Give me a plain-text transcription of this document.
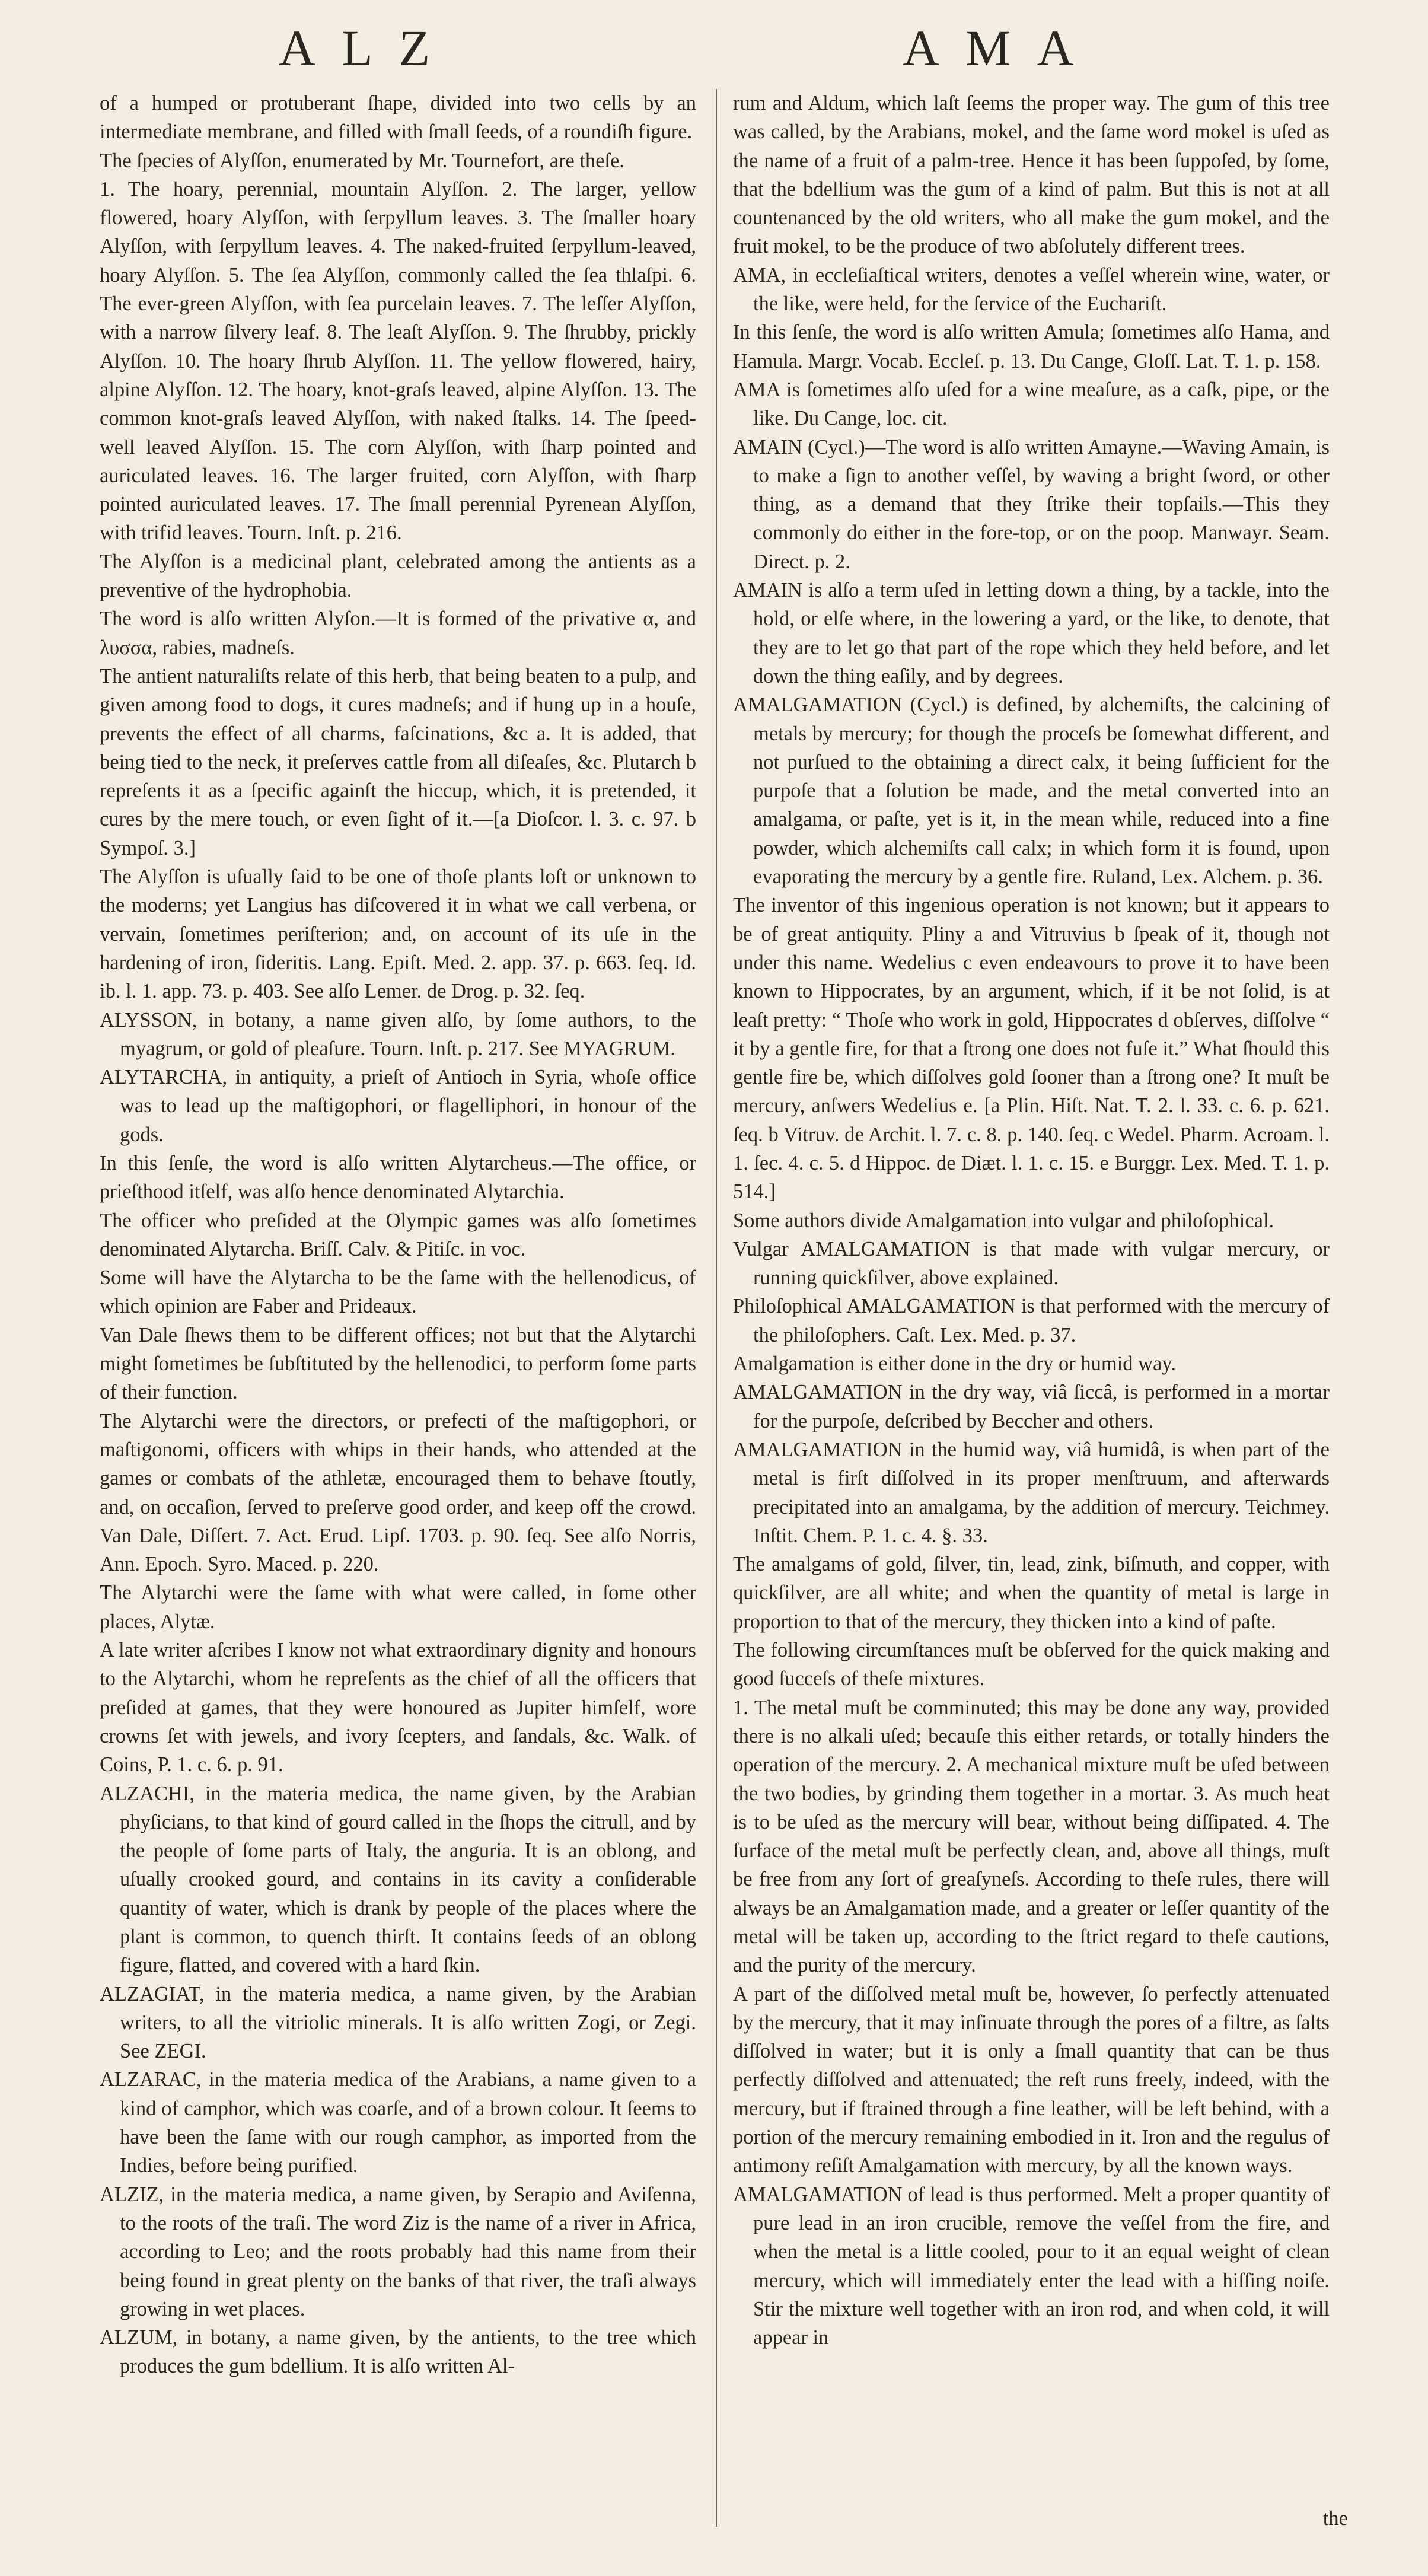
ALZ	AMA

of a humped or protuberant ſhape, divided into two cells by an intermediate membrane, and filled with ſmall ſeeds, of a roundiſh figure.

The ſpecies of Alyſſon, enumerated by Mr. Tournefort, are theſe.

1. The hoary, perennial, mountain Alyſſon. 2. The larger, yellow flowered, hoary Alyſſon, with ſerpyllum leaves. 3. The ſmaller hoary Alyſſon, with ſerpyllum leaves. 4. The naked-fruited ſerpyllum-leaved, hoary Alyſſon. 5. The ſea Alyſſon, commonly called the ſea thlaſpi. 6. The ever-green Alyſſon, with ſea purcelain leaves. 7. The leſſer Alyſſon, with a narrow ſilvery leaf. 8. The leaſt Alyſſon. 9. The ſhrubby, prickly Alyſſon. 10. The hoary ſhrub Alyſſon. 11. The yellow flowered, hairy, alpine Alyſſon. 12. The hoary, knot-graſs leaved, alpine Alyſſon. 13. The common knot-graſs leaved Alyſſon, with naked ſtalks. 14. The ſpeed-well leaved Alyſſon. 15. The corn Alyſſon, with ſharp pointed and auriculated leaves. 16. The larger fruited, corn Alyſſon, with ſharp pointed auriculated leaves. 17. The ſmall perennial Pyrenean Alyſſon, with trifid leaves. Tourn. Inſt. p. 216.

The Alyſſon is a medicinal plant, celebrated among the antients as a preventive of the hydrophobia.

The word is alſo written Alyſon.—It is formed of the privative α, and λυσσα, rabies, madneſs.

The antient naturaliſts relate of this herb, that being beaten to a pulp, and given among food to dogs, it cures madneſs; and if hung up in a houſe, prevents the effect of all charms, faſcinations, &c a. It is added, that being tied to the neck, it preſerves cattle from all diſeaſes, &c. Plutarch b repreſents it as a ſpecific againſt the hiccup, which, it is pretended, it cures by the mere touch, or even ſight of it.—[a Dioſcor. l. 3. c. 97. b Sympoſ. 3.]

The Alyſſon is uſually ſaid to be one of thoſe plants loſt or unknown to the moderns; yet Langius has diſcovered it in what we call verbena, or vervain, ſometimes periſterion; and, on account of its uſe in the hardening of iron, ſideritis. Lang. Epiſt. Med. 2. app. 37. p. 663. ſeq. Id. ib. l. 1. app. 73. p. 403. See alſo Lemer. de Drog. p. 32. ſeq.

ALYSSON, in botany, a name given alſo, by ſome authors, to the myagrum, or gold of pleaſure. Tourn. Inſt. p. 217. See MYAGRUM.

ALYTARCHA, in antiquity, a prieſt of Antioch in Syria, whoſe office was to lead up the maſtigophori, or flagelliphori, in honour of the gods.

In this ſenſe, the word is alſo written Alytarcheus.—The office, or prieſthood itſelf, was alſo hence denominated Alytarchia.

The officer who preſided at the Olympic games was alſo ſometimes denominated Alytarcha. Briſſ. Calv. & Pitiſc. in voc.

Some will have the Alytarcha to be the ſame with the hellenodicus, of which opinion are Faber and Prideaux.

Van Dale ſhews them to be different offices; not but that the Alytarchi might ſometimes be ſubſtituted by the hellenodici, to perform ſome parts of their function.

The Alytarchi were the directors, or prefecti of the maſtigophori, or maſtigonomi, officers with whips in their hands, who attended at the games or combats of the athletæ, encouraged them to behave ſtoutly, and, on occaſion, ſerved to preſerve good order, and keep off the crowd. Van Dale, Diſſert. 7. Act. Erud. Lipſ. 1703. p. 90. ſeq. See alſo Norris, Ann. Epoch. Syro. Maced. p. 220.

The Alytarchi were the ſame with what were called, in ſome other places, Alytæ.

A late writer aſcribes I know not what extraordinary dignity and honours to the Alytarchi, whom he repreſents as the chief of all the officers that preſided at games, that they were honoured as Jupiter himſelf, wore crowns ſet with jewels, and ivory ſcepters, and ſandals, &c. Walk. of Coins, P. 1. c. 6. p. 91.

ALZACHI, in the materia medica, the name given, by the Arabian phyſicians, to that kind of gourd called in the ſhops the citrull, and by the people of ſome parts of Italy, the anguria. It is an oblong, and uſually crooked gourd, and contains in its cavity a conſiderable quantity of water, which is drank by people of the places where the plant is common, to quench thirſt. It contains ſeeds of an oblong figure, flatted, and covered with a hard ſkin.

ALZAGIAT, in the materia medica, a name given, by the Arabian writers, to all the vitriolic minerals. It is alſo written Zogi, or Zegi. See ZEGI.

ALZARAC, in the materia medica of the Arabians, a name given to a kind of camphor, which was coarſe, and of a brown colour. It ſeems to have been the ſame with our rough camphor, as imported from the Indies, before being purified.

ALZIZ, in the materia medica, a name given, by Serapio and Aviſenna, to the roots of the traſi. The word Ziz is the name of a river in Africa, according to Leo; and the roots probably had this name from their being found in great plenty on the banks of that river, the traſi always growing in wet places.

ALZUM, in botany, a name given, by the antients, to the tree which produces the gum bdellium. It is alſo written Al-

rum and Aldum, which laſt ſeems the proper way. The gum of this tree was called, by the Arabians, mokel, and the ſame word mokel is uſed as the name of a fruit of a palm-tree. Hence it has been ſuppoſed, by ſome, that the bdellium was the gum of a kind of palm. But this is not at all countenanced by the old writers, who all make the gum mokel, and the fruit mokel, to be the produce of two abſolutely different trees.

AMA, in eccleſiaſtical writers, denotes a veſſel wherein wine, water, or the like, were held, for the ſervice of the Euchariſt.

In this ſenſe, the word is alſo written Amula; ſometimes alſo Hama, and Hamula. Margr. Vocab. Eccleſ. p. 13. Du Cange, Gloſſ. Lat. T. 1. p. 158.

AMA is ſometimes alſo uſed for a wine meaſure, as a caſk, pipe, or the like. Du Cange, loc. cit.

AMAIN (Cycl.)—The word is alſo written Amayne.—Waving Amain, is to make a ſign to another veſſel, by waving a bright ſword, or other thing, as a demand that they ſtrike their topſails.—This they commonly do either in the fore-top, or on the poop. Manwayr. Seam. Direct. p. 2.

AMAIN is alſo a term uſed in letting down a thing, by a tackle, into the hold, or elſe where, in the lowering a yard, or the like, to denote, that they are to let go that part of the rope which they held before, and let down the thing eaſily, and by degrees.

AMALGAMATION (Cycl.) is defined, by alchemiſts, the calcining of metals by mercury; for though the proceſs be ſomewhat different, and not purſued to the obtaining a direct calx, it being ſufficient for the purpoſe that a ſolution be made, and the metal converted into an amalgama, or paſte, yet is it, in the mean while, reduced into a fine powder, which alchemiſts call calx; in which form it is found, upon evaporating the mercury by a gentle fire. Ruland, Lex. Alchem. p. 36.

The inventor of this ingenious operation is not known; but it appears to be of great antiquity. Pliny a and Vitruvius b ſpeak of it, though not under this name. Wedelius c even endeavours to prove it to have been known to Hippocrates, by an argument, which, if it be not ſolid, is at leaſt pretty: “ Thoſe who work in gold, Hippocrates d obſerves, diſſolve “ it by a gentle fire, for that a ſtrong one does not fuſe it.” What ſhould this gentle fire be, which diſſolves gold ſooner than a ſtrong one? It muſt be mercury, anſwers Wedelius e. [a Plin. Hiſt. Nat. T. 2. l. 33. c. 6. p. 621. ſeq. b Vitruv. de Archit. l. 7. c. 8. p. 140. ſeq. c Wedel. Pharm. Acroam. l. 1. ſec. 4. c. 5. d Hippoc. de Diæt. l. 1. c. 15. e Burggr. Lex. Med. T. 1. p. 514.]

Some authors divide Amalgamation into vulgar and philoſophical.

Vulgar AMALGAMATION is that made with vulgar mercury, or running quickſilver, above explained.

Philoſophical AMALGAMATION is that performed with the mercury of the philoſophers. Caſt. Lex. Med. p. 37.

Amalgamation is either done in the dry or humid way.

AMALGAMATION in the dry way, viâ ſiccâ, is performed in a mortar for the purpoſe, deſcribed by Beccher and others.

AMALGAMATION in the humid way, viâ humidâ, is when part of the metal is firſt diſſolved in its proper menſtruum, and afterwards precipitated into an amalgama, by the addition of mercury. Teichmey. Inſtit. Chem. P. 1. c. 4. §. 33.

The amalgams of gold, ſilver, tin, lead, zink, biſmuth, and copper, with quickſilver, are all white; and when the quantity of metal is large in proportion to that of the mercury, they thicken into a kind of paſte.

The following circumſtances muſt be obſerved for the quick making and good ſucceſs of theſe mixtures.

1. The metal muſt be comminuted; this may be done any way, provided there is no alkali uſed; becauſe this either retards, or totally hinders the operation of the mercury. 2. A mechanical mixture muſt be uſed between the two bodies, by grinding them together in a mortar. 3. As much heat is to be uſed as the mercury will bear, without being diſſipated. 4. The ſurface of the metal muſt be perfectly clean, and, above all things, muſt be free from any ſort of greaſyneſs. According to theſe rules, there will always be an Amalgamation made, and a greater or leſſer quantity of the metal will be taken up, according to the ſtrict regard to theſe cautions, and the purity of the mercury.

A part of the diſſolved metal muſt be, however, ſo perfectly attenuated by the mercury, that it may inſinuate through the pores of a filtre, as ſalts diſſolved in water; but it is only a ſmall quantity that can be thus perfectly diſſolved and attenuated; the reſt runs freely, indeed, with the mercury, but if ſtrained through a fine leather, will be left behind, with a portion of the mercury remaining embodied in it. Iron and the regulus of antimony reſiſt Amalgamation with mercury, by all the known ways.

AMALGAMATION of lead is thus performed. Melt a proper quantity of pure lead in an iron crucible, remove the veſſel from the fire, and when the metal is a little cooled, pour to it an equal weight of clean mercury, which will immediately enter the lead with a hiſſing noiſe. Stir the mixture well together with an iron rod, and when cold, it will appear in

the
